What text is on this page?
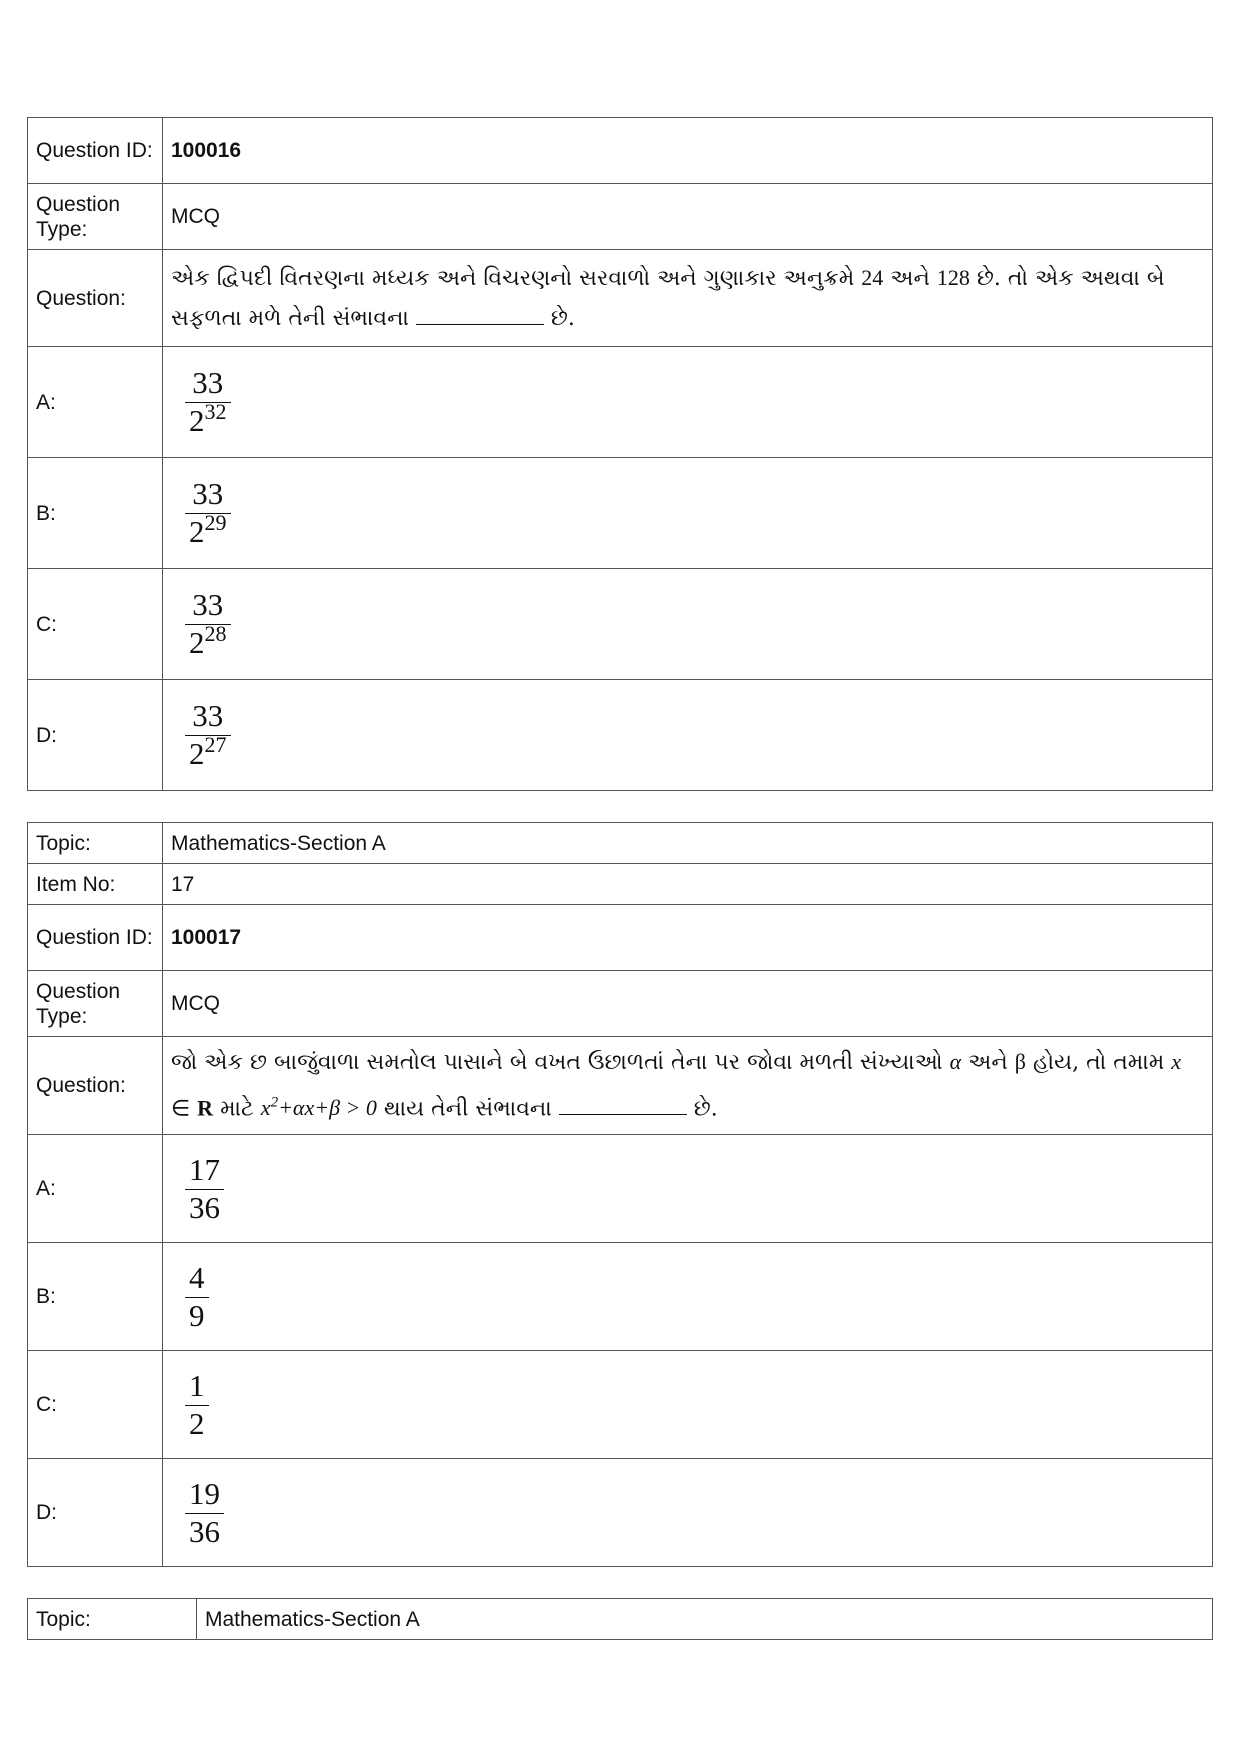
Question ID:	100016
Question Type:	MCQ
Question:	એક દ્વિપદી વિતરણના મધ્યક અને વિચરણનો સરવાળો અને ગુણાકાર અનુક્રમે 24 અને 128 છે. તો એક અથવા બે સફળતા મળે તેની સંભાવના છે.
A:	$\frac{33}{2^{32}}$

B:	$\frac{33}{2^{29}}$

C:	$\frac{33}{2^{28}}$

D:	$\frac{33}{2^{27}}$
Topic:	Mathematics-Section A
Item No:	17
Question ID:	100017
Question Type:	MCQ
Question:	જો એક છ બાજુંવાળા સમતોલ પાસાને બે વખત ઉછાળતાં તેના પર જોવા મળતી સંખ્યાઓ α અને β હોય, તો તમામ x ∈ R માટે $x^2+\alpha x+\beta > 0$ થાય તેની સંભાવના છે.
A:	$\frac{17}{36}$

B:	$\frac{4}{9}$

C:	$\frac{1}{2}$

D:	$\frac{19}{36}$
Topic:	Mathematics-Section A
